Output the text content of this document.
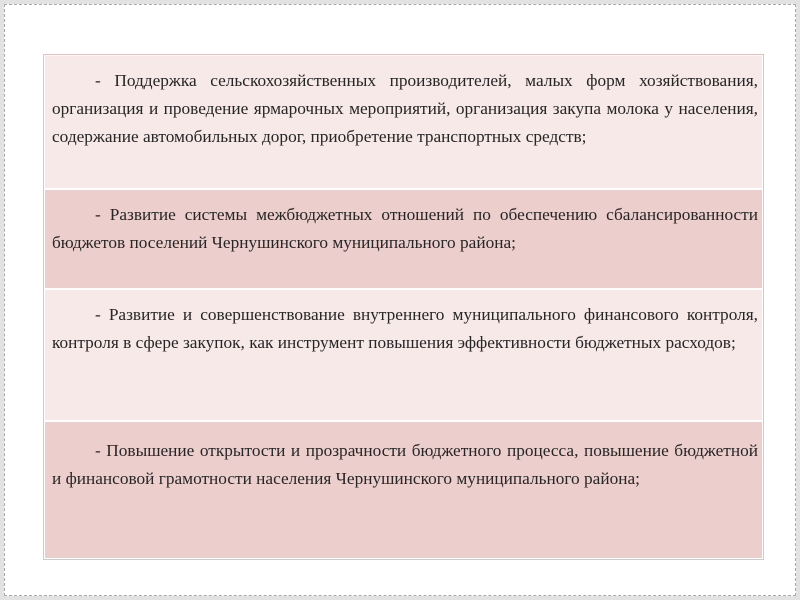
- Поддержка сельскохозяйственных производителей, малых форм хозяйствования, организация и проведение ярмарочных мероприятий, организация закупа молока у населения, содержание автомобильных дорог, приобретение транспортных средств;
- Развитие системы межбюджетных отношений по обеспечению сбалансированности бюджетов поселений Чернушинского муниципального района;
- Развитие и совершенствование внутреннего муниципального финансового контроля, контроля в сфере закупок, как инструмент повышения эффективности бюджетных расходов;
- Повышение открытости и прозрачности бюджетного процесса, повышение бюджетной и финансовой грамотности населения Чернушинского муниципального района;
